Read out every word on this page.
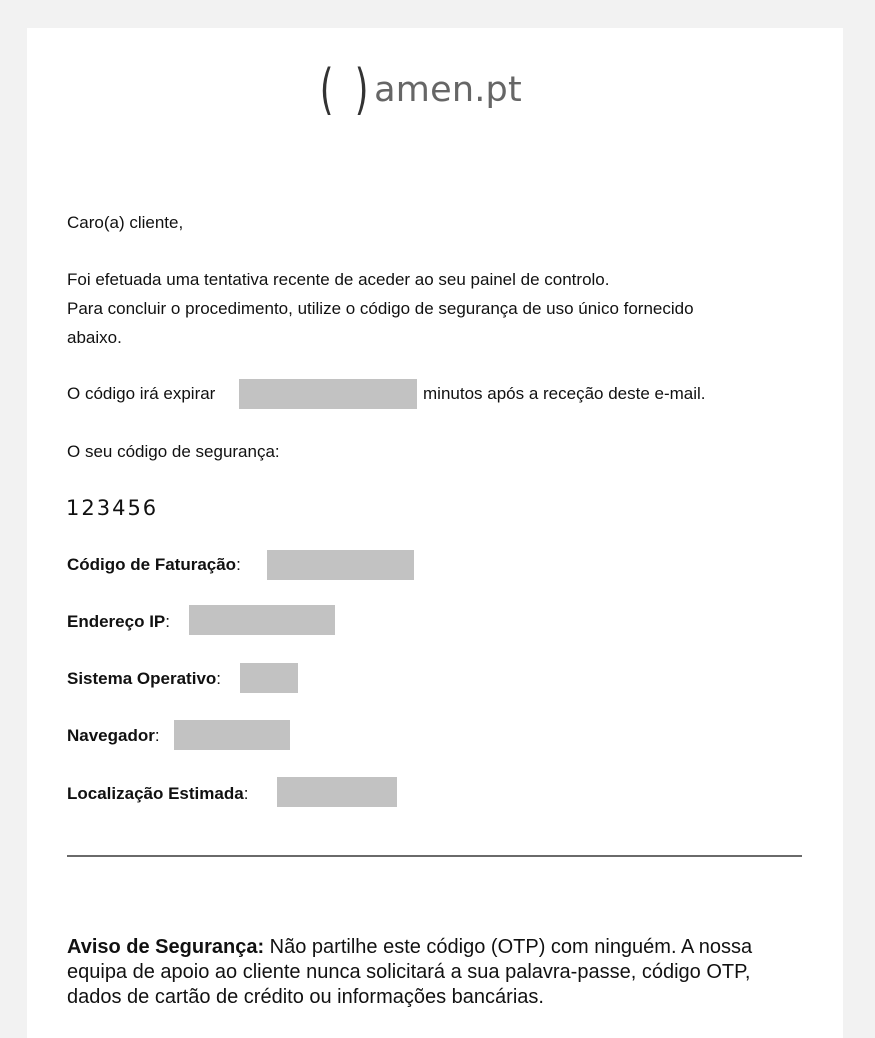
( ) amen.pt
Caro(a) cliente,
Foi efetuada uma tentativa recente de aceder ao seu painel de controlo.
Para concluir o procedimento, utilize o código de segurança de uso único fornecido
abaixo.
O código irá expirar	minutos após a receção deste e-mail.
O seu código de segurança:
123456
Código de Faturação:
Endereço IP:
Sistema Operativo:
Navegador:
Localização Estimada:
Aviso de Segurança: Não partilhe este código (OTP) com ninguém. A nossa equipa de apoio ao cliente nunca solicitará a sua palavra-passe, código OTP, dados de cartão de crédito ou informações bancárias.
